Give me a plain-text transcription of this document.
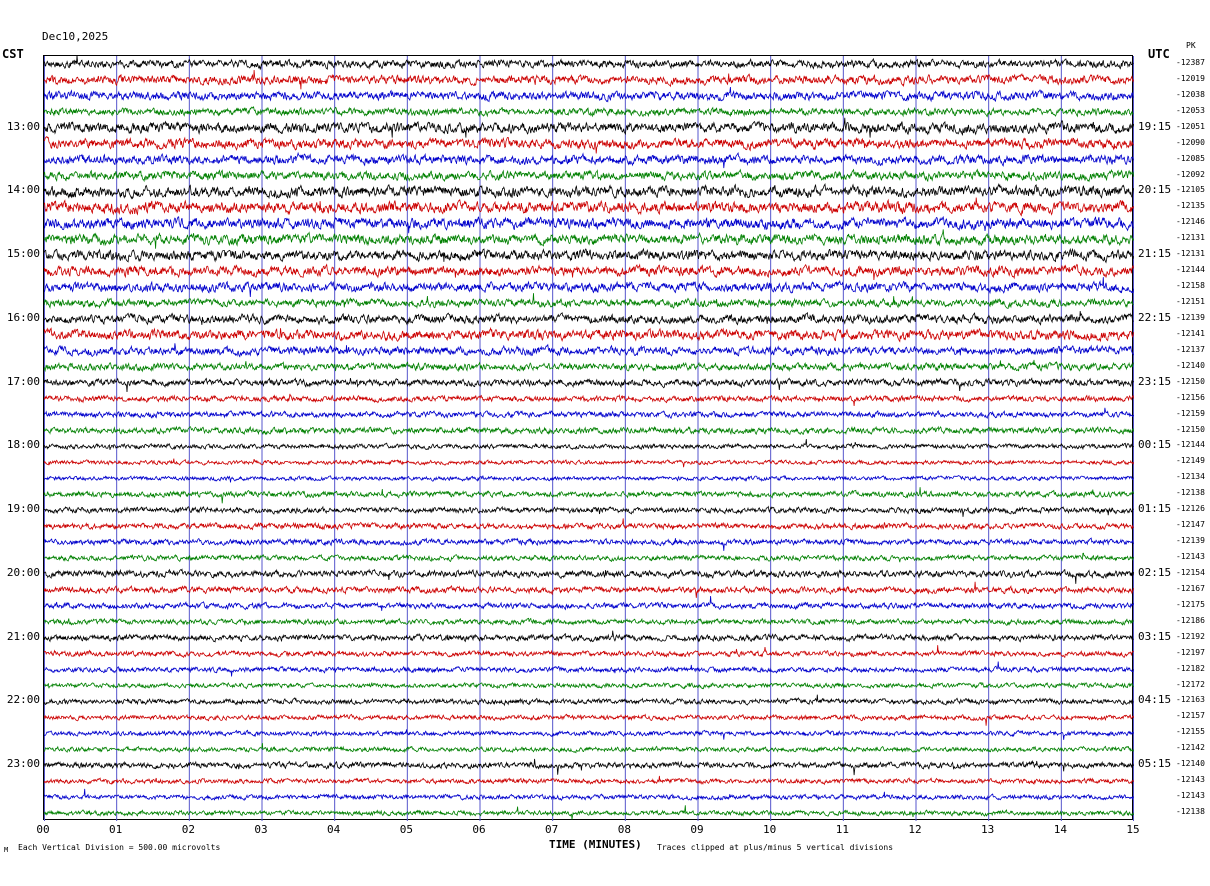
Dec10,2025

CST	UTC
PK
13:00
14:00
15:00
16:00
17:00
18:00
19:00
20:00
21:00
22:00
23:00
19:15
20:15
21:15
22:15
23:15
00:15
01:15
02:15
03:15
04:15
05:15
-12387
-12019
-12038
-12053
-12051
-12090
-12085
-12092
-12105
-12135
-12146
-12131
-12131
-12144
-12158
-12151
-12139
-12141
-12137
-12140
-12150
-12156
-12159
-12150
-12144
-12149
-12134
-12138
-12126
-12147
-12139
-12143
-12154
-12167
-12175
-12186
-12192
-12197
-12182
-12172
-12163
-12157
-12155
-12142
-12140
-12143
-12143
-12138
00	01	02	03	04	05	06	07	08	09	10	11	12	13	14	15
TIME (MINUTES)
M Each Vertical Division = 500.00 microvolts	Traces clipped at plus/minus 5 vertical divisions
